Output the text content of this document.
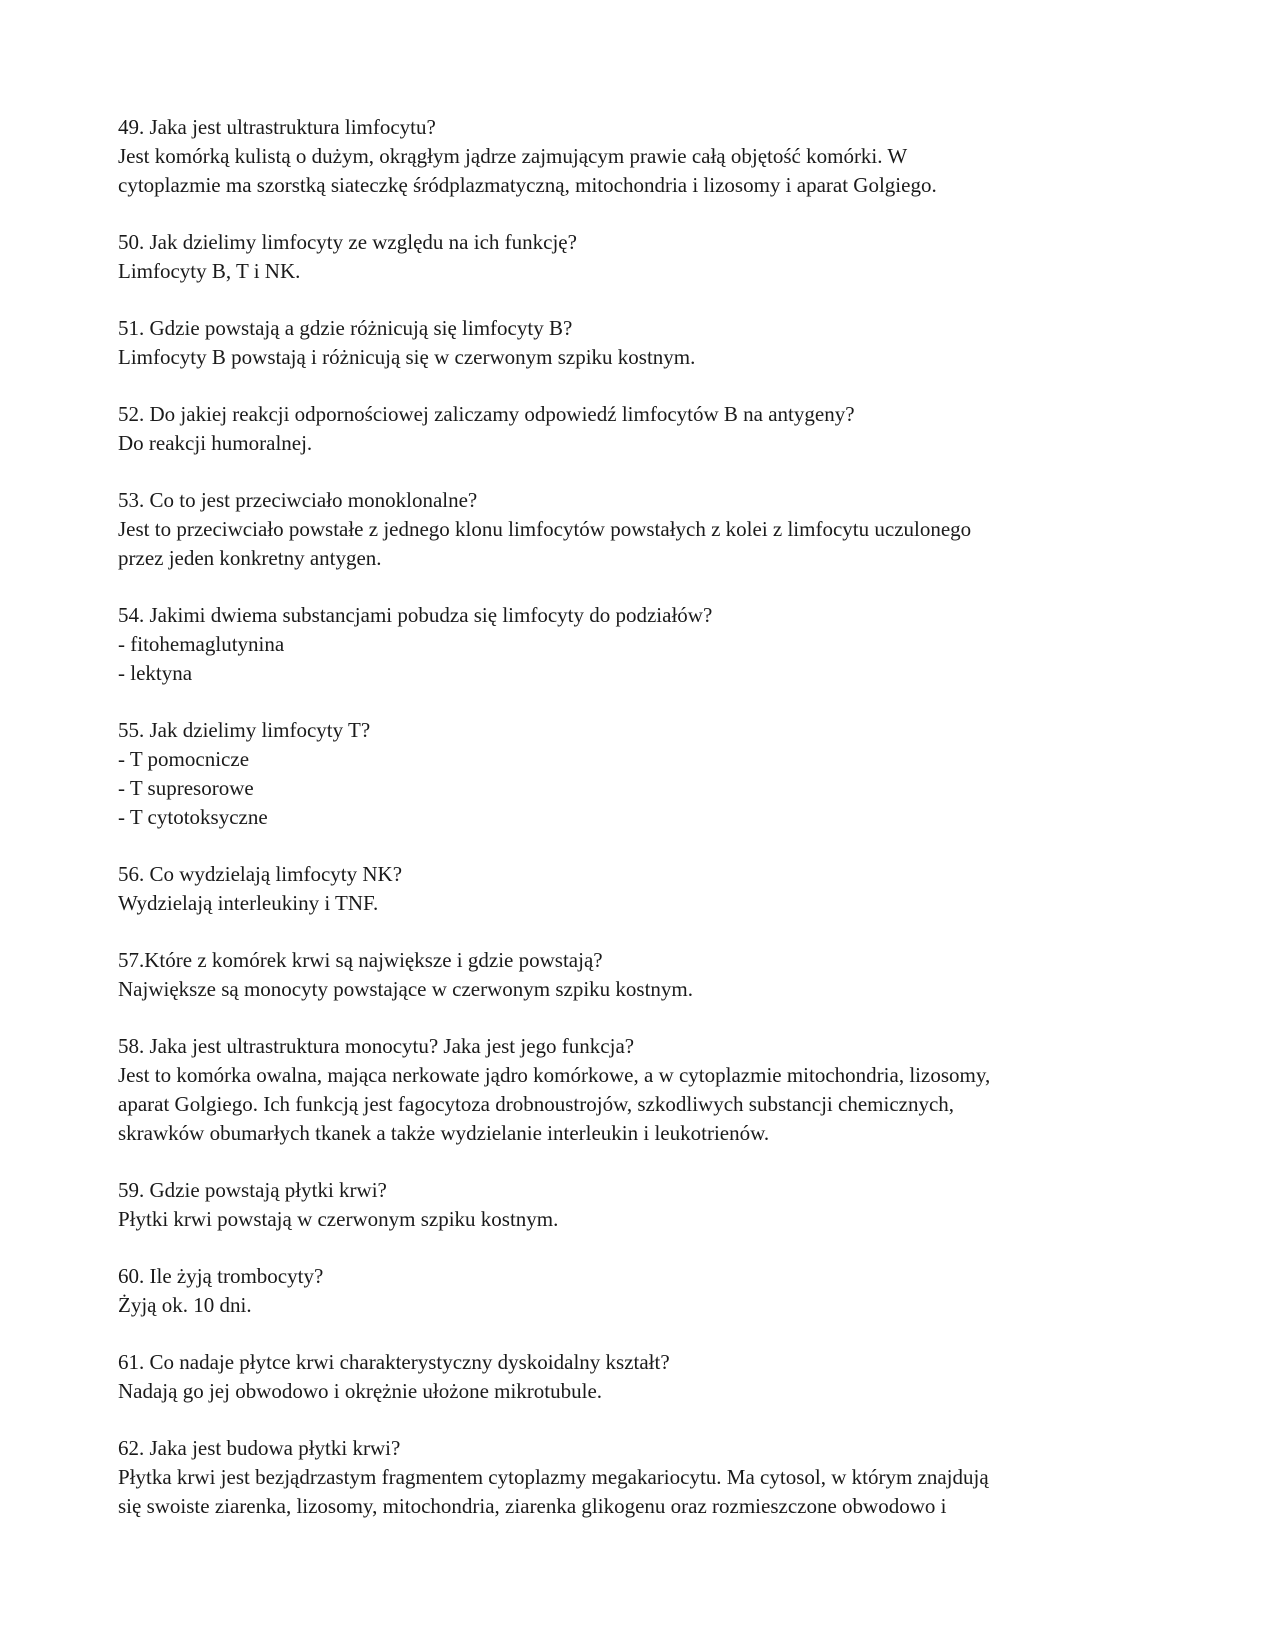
49. Jaka jest ultrastruktura limfocytu?

Jest komórką kulistą o dużym, okrągłym jądrze zajmującym prawie całą objętość komórki. W
cytoplazmie ma szorstką siateczkę śródplazmatyczną, mitochondria i lizosomy i aparat Golgiego.

50. Jak dzielimy limfocyty ze względu na ich funkcję?

Limfocyty B, T i NK.

51. Gdzie powstają a gdzie różnicują się limfocyty B?

Limfocyty B powstają i różnicują się w czerwonym szpiku kostnym.

52. Do jakiej reakcji odpornościowej zaliczamy odpowiedź limfocytów B na antygeny?

Do reakcji humoralnej.

53. Co to jest przeciwciało monoklonalne?

Jest to przeciwciało powstałe z jednego klonu limfocytów powstałych z kolei z limfocytu uczulonego
przez jeden konkretny antygen.

54. Jakimi dwiema substancjami pobudza się limfocyty do podziałów?

- fitohemaglutynina
- lektyna

55. Jak dzielimy limfocyty T?

- T pomocnicze
- T supresorowe
- T cytotoksyczne

56. Co wydzielają limfocyty NK?

Wydzielają interleukiny i TNF.

57.Które z komórek krwi są największe i gdzie powstają?

Największe są monocyty powstające w czerwonym szpiku kostnym.

58. Jaka jest ultrastruktura monocytu? Jaka jest jego funkcja?

Jest to komórka owalna, mająca nerkowate jądro komórkowe, a w cytoplazmie mitochondria, lizosomy,
aparat Golgiego. Ich funkcją jest fagocytoza drobnoustrojów, szkodliwych substancji chemicznych,
skrawków obumarłych tkanek a także wydzielanie interleukin i leukotrienów.

59. Gdzie powstają płytki krwi?

Płytki krwi powstają w czerwonym szpiku kostnym.

60. Ile żyją trombocyty?

Żyją ok. 10 dni.

61. Co nadaje płytce krwi charakterystyczny dyskoidalny kształt?

Nadają go jej obwodowo i okrężnie ułożone mikrotubule.

62. Jaka jest budowa płytki krwi?

Płytka krwi jest bezjądrzastym fragmentem cytoplazmy megakariocytu. Ma cytosol, w którym znajdują
się swoiste ziarenka, lizosomy, mitochondria, ziarenka glikogenu oraz rozmieszczone obwodowo i
